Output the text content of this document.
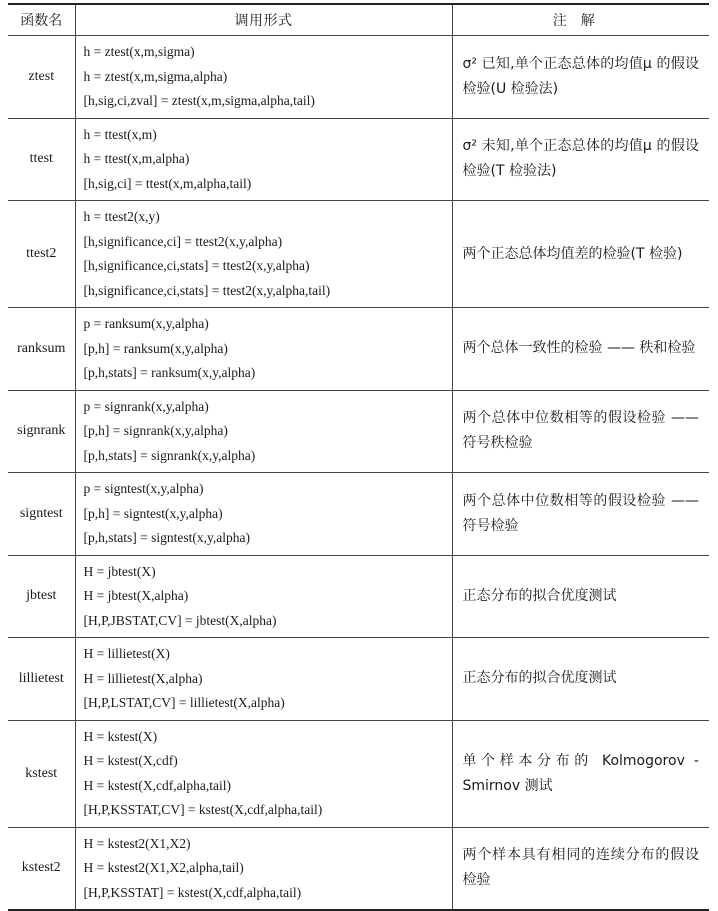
函数名	调用形式	注解
ztest	h = ztest(x,m,sigma)
h = ztest(x,m,sigma,alpha)
[h,sig,ci,zval] = ztest(x,m,sigma,alpha,tail)	σ² 已知,单个正态总体的均值μ 的假设检验(U 检验法)
ttest	h = ttest(x,m)
h = ttest(x,m,alpha)
[h,sig,ci] = ttest(x,m,alpha,tail)	σ² 未知,单个正态总体的均值μ 的假设检验(T 检验法)
ttest2	h = ttest2(x,y)
[h,significance,ci] = ttest2(x,y,alpha)
[h,significance,ci,stats] = ttest2(x,y,alpha)
[h,significance,ci,stats] = ttest2(x,y,alpha,tail)	两个正态总体均值差的检验(T 检验)
ranksum	p = ranksum(x,y,alpha)
[p,h] = ranksum(x,y,alpha)
[p,h,stats] = ranksum(x,y,alpha)	两个总体一致性的检验 —— 秩和检验
signrank	p = signrank(x,y,alpha)
[p,h] = signrank(x,y,alpha)
[p,h,stats] = signrank(x,y,alpha)	两个总体中位数相等的假设检验 —— 符号秩检验
signtest	p = signtest(x,y,alpha)
[p,h] = signtest(x,y,alpha)
[p,h,stats] = signtest(x,y,alpha)	两个总体中位数相等的假设检验 —— 符号检验
jbtest	H = jbtest(X)
H = jbtest(X,alpha)
[H,P,JBSTAT,CV] = jbtest(X,alpha)	正态分布的拟合优度测试
lillietest	H = lillietest(X)
H = lillietest(X,alpha)
[H,P,LSTAT,CV] = lillietest(X,alpha)	正态分布的拟合优度测试
kstest	H = kstest(X)
H = kstest(X,cdf)
H = kstest(X,cdf,alpha,tail)
[H,P,KSSTAT,CV] = kstest(X,cdf,alpha,tail)	单个样本分布的 Kolmogorov - Smirnov 测试
kstest2	H = kstest2(X1,X2)
H = kstest2(X1,X2,alpha,tail)
[H,P,KSSTAT] = kstest(X,cdf,alpha,tail)	两个样本具有相同的连续分布的假设检验
